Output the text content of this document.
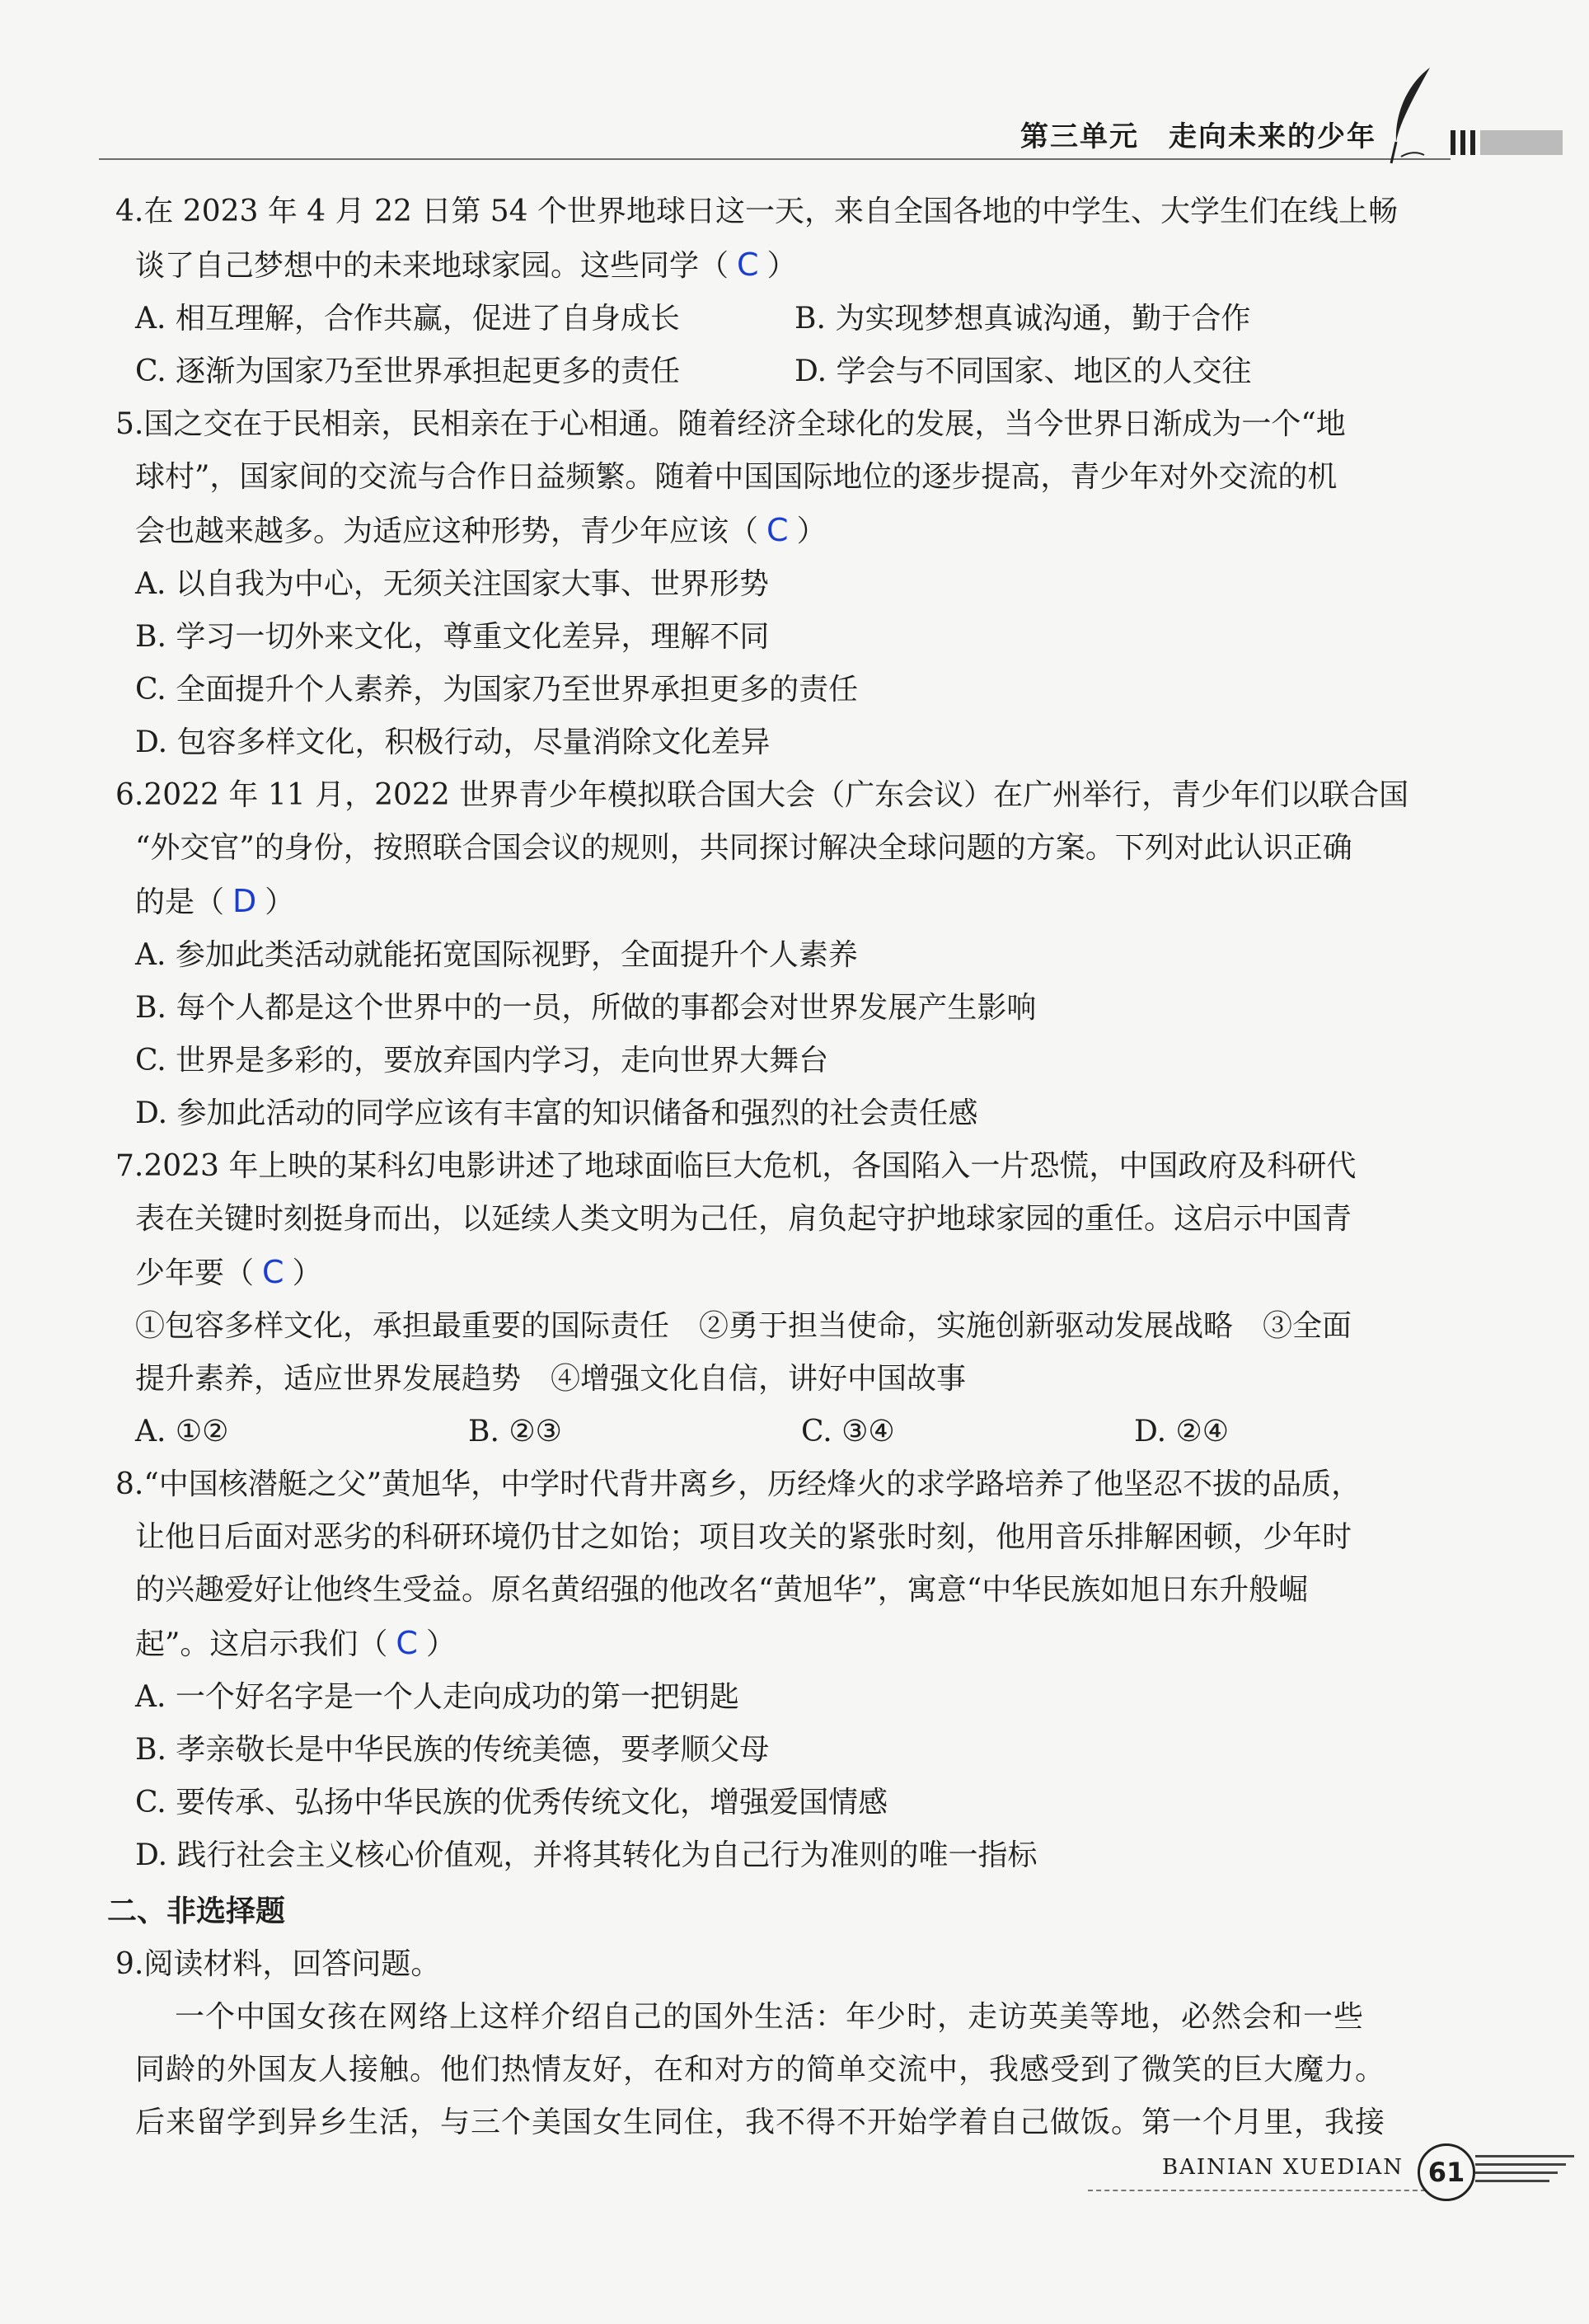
第三单元　走向未来的少年
4.在 2023 年 4 月 22 日第 54 个世界地球日这一天，来自全国各地的中学生、大学生们在线上畅
谈了自己梦想中的未来地球家园。这些同学（ C ）
A. 相互理解，合作共赢，促进了自身成长	B. 为实现梦想真诚沟通，勤于合作
C. 逐渐为国家乃至世界承担起更多的责任	D. 学会与不同国家、地区的人交往
5.国之交在于民相亲，民相亲在于心相通。随着经济全球化的发展，当今世界日渐成为一个“地
球村”，国家间的交流与合作日益频繁。随着中国国际地位的逐步提高，青少年对外交流的机
会也越来越多。为适应这种形势，青少年应该（ C ）
A. 以自我为中心，无须关注国家大事、世界形势
B. 学习一切外来文化，尊重文化差异，理解不同
C. 全面提升个人素养，为国家乃至世界承担更多的责任
D. 包容多样文化，积极行动，尽量消除文化差异
6.2022 年 11 月，2022 世界青少年模拟联合国大会（广东会议）在广州举行，青少年们以联合国
“外交官”的身份，按照联合国会议的规则，共同探讨解决全球问题的方案。下列对此认识正确
的是（ D ）
A. 参加此类活动就能拓宽国际视野，全面提升个人素养
B. 每个人都是这个世界中的一员，所做的事都会对世界发展产生影响
C. 世界是多彩的，要放弃国内学习，走向世界大舞台
D. 参加此活动的同学应该有丰富的知识储备和强烈的社会责任感
7.2023 年上映的某科幻电影讲述了地球面临巨大危机，各国陷入一片恐慌，中国政府及科研代
表在关键时刻挺身而出，以延续人类文明为己任，肩负起守护地球家园的重任。这启示中国青
少年要（ C ）
①包容多样文化，承担最重要的国际责任　②勇于担当使命，实施创新驱动发展战略　③全面
提升素养，适应世界发展趋势　④增强文化自信，讲好中国故事
A. ①②	B. ②③	C. ③④	D. ②④
8.“中国核潜艇之父”黄旭华，中学时代背井离乡，历经烽火的求学路培养了他坚忍不拔的品质，
让他日后面对恶劣的科研环境仍甘之如饴；项目攻关的紧张时刻，他用音乐排解困顿，少年时
的兴趣爱好让他终生受益。原名黄绍强的他改名“黄旭华”，寓意“中华民族如旭日东升般崛
起”。这启示我们（ C ）
A. 一个好名字是一个人走向成功的第一把钥匙
B. 孝亲敬长是中华民族的传统美德，要孝顺父母
C. 要传承、弘扬中华民族的优秀传统文化，增强爱国情感
D. 践行社会主义核心价值观，并将其转化为自己行为准则的唯一指标
二、非选择题
9.阅读材料，回答问题。
一个中国女孩在网络上这样介绍自己的国外生活：年少时，走访英美等地，必然会和一些
同龄的外国友人接触。他们热情友好，在和对方的简单交流中，我感受到了微笑的巨大魔力。
后来留学到异乡生活，与三个美国女生同住，我不得不开始学着自己做饭。第一个月里，我接
BAINIAN XUEDIAN 61
